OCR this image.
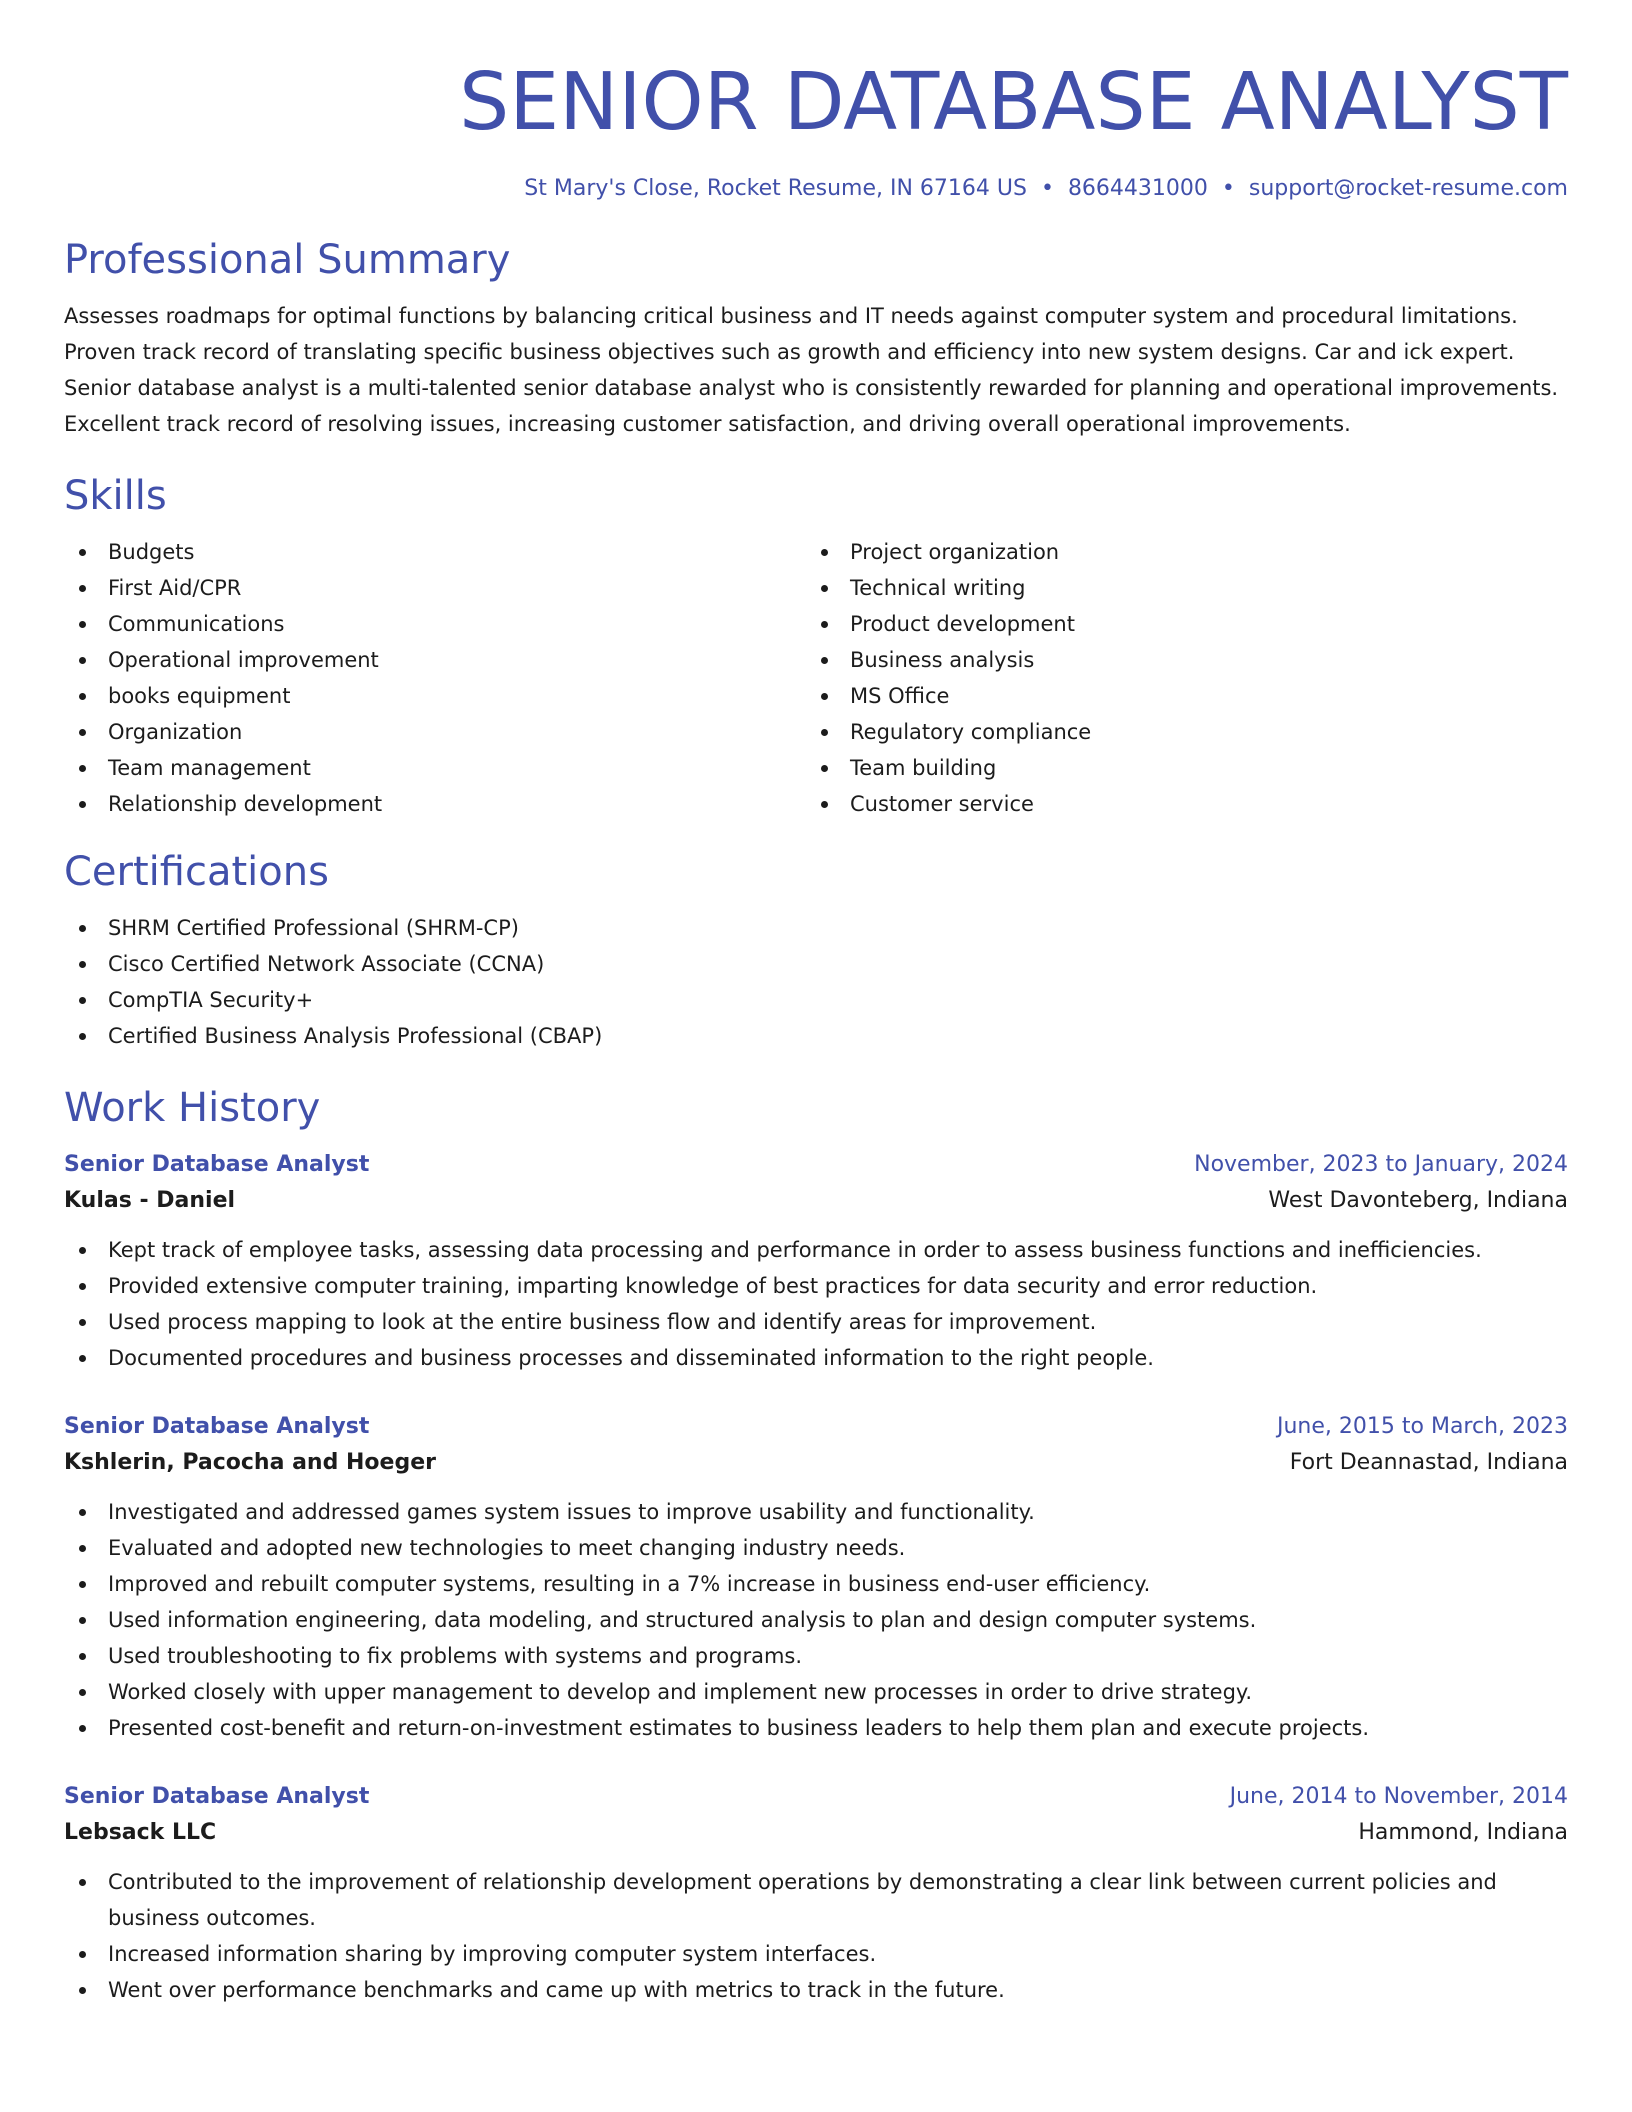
SENIOR DATABASE ANALYST
St Mary's Close, Rocket Resume, IN 67164 US • 8664431000 • support@rocket-resume.com
Professional Summary
Assesses roadmaps for optimal functions by balancing critical business and IT needs against computer system and procedural limitations. Proven track record of translating specific business objectives such as growth and efficiency into new system designs. Car and ick expert. Senior database analyst is a multi-talented senior database analyst who is consistently rewarded for planning and operational improvements. Excellent track record of resolving issues, increasing customer satisfaction, and driving overall operational improvements.
Skills
Budgets
First Aid/CPR
Communications
Operational improvement
books equipment
Organization
Team management
Relationship development
Project organization
Technical writing
Product development
Business analysis
MS Office
Regulatory compliance
Team building
Customer service
Certifications
SHRM Certified Professional (SHRM-CP)
Cisco Certified Network Associate (CCNA)
CompTIA Security+
Certified Business Analysis Professional (CBAP)
Work History
Senior Database Analyst	November, 2023 to January, 2024
Kulas - Daniel	West Davonteberg, Indiana
Kept track of employee tasks, assessing data processing and performance in order to assess business functions and inefficiencies.
Provided extensive computer training, imparting knowledge of best practices for data security and error reduction.
Used process mapping to look at the entire business flow and identify areas for improvement.
Documented procedures and business processes and disseminated information to the right people.
Senior Database Analyst	June, 2015 to March, 2023
Kshlerin, Pacocha and Hoeger	Fort Deannastad, Indiana
Investigated and addressed games system issues to improve usability and functionality.
Evaluated and adopted new technologies to meet changing industry needs.
Improved and rebuilt computer systems, resulting in a 7% increase in business end-user efficiency.
Used information engineering, data modeling, and structured analysis to plan and design computer systems.
Used troubleshooting to fix problems with systems and programs.
Worked closely with upper management to develop and implement new processes in order to drive strategy.
Presented cost-benefit and return-on-investment estimates to business leaders to help them plan and execute projects.
Senior Database Analyst	June, 2014 to November, 2014
Lebsack LLC	Hammond, Indiana
Contributed to the improvement of relationship development operations by demonstrating a clear link between current policies and business outcomes.
Increased information sharing by improving computer system interfaces.
Went over performance benchmarks and came up with metrics to track in the future.
